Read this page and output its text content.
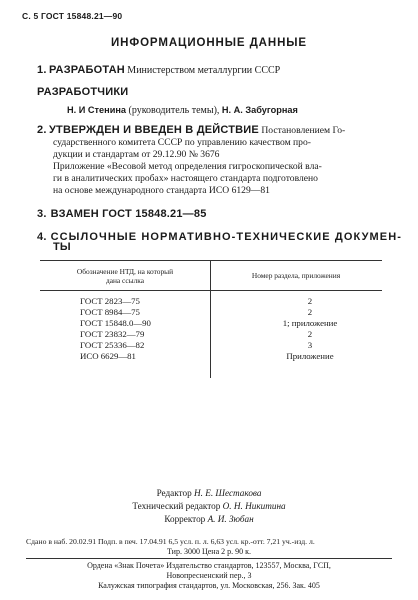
С. 5 ГОСТ 15848.21—90
ИНФОРМАЦИОННЫЕ ДАННЫЕ
1. РАЗРАБОТАН Министерством металлургии СССР
РАЗРАБОТЧИКИ
Н. И Стенина (руководитель темы), Н. А. Забугорная
2. УТВЕРЖДЕН И ВВЕДЕН В ДЕЙСТВИЕ Постановлением Го-
сударственного комитета СССР по управлению качеством про-
дукции и стандартам от 29.12.90 № 3676
Приложение «Весовой метод определения гигроскопической вла-
ги в аналитических пробах» настоящего стандарта подготовлено
на основе международного стандарта ИСО 6129—81
3. ВЗАМЕН ГОСТ 15848.21—85
4. ССЫЛОЧНЫЕ НОРМАТИВНО-ТЕХНИЧЕСКИЕ ДОКУМЕН-
ТЫ
Обозначение НТД, на который
дана ссылка
Номер раздела, приложения
ГОСТ 2823—75	2
ГОСТ 8984—75	2
ГОСТ 15848.0—90	1; приложение
ГОСТ 23832—79	2
ГОСТ 25336—82	3
ИСО 6629—81	Приложение
Редактор Н. Е. Шестакова
Технический редактор О. Н. Никитина
Корректор А. И. Зюбан
Сдано в наб. 20.02.91 Подп. в печ. 17.04.91 6,5 усл. п. л. 6,63 усл. кр.-отт. 7,21 уч.-изд. л.
Тир. 3000 Цена 2 р. 90 к.
Ордена «Знак Почета» Издательство стандартов, 123557, Москва, ГСП,
Новопресненский пер., 3
Калужская типография стандартов, ул. Московская, 256. Зак. 405
